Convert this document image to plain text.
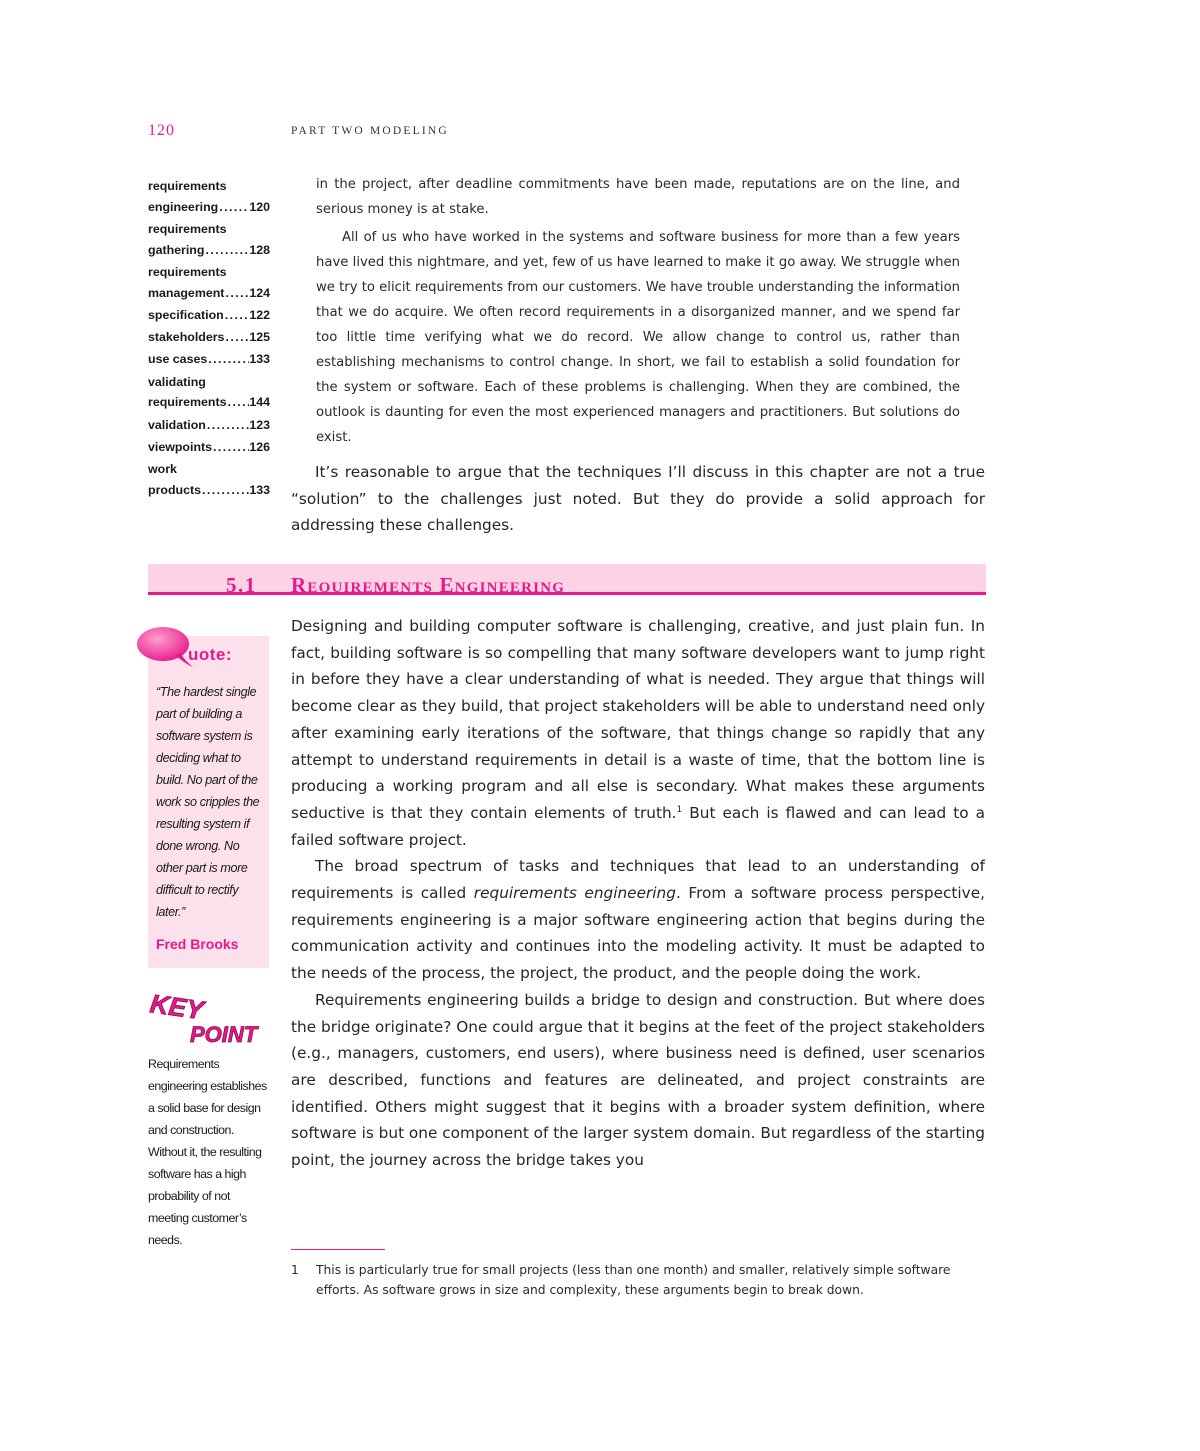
120	PART TWO MODELING
requirements
engineering . . .	120
requirements
gathering . . .	128
requirements
management . . . 124
specification . . . 122
stakeholders . . . 125
use cases . . .	133
validating
requirements . . . 144
validation . . .	123
viewpoints . . .	126
work
products . . .	133

in the project, after deadline commitments have been made, reputations are on the line, and serious money is at stake.

All of us who have worked in the systems and software business for more than a few years have lived this nightmare, and yet, few of us have learned to make it go away. We struggle when we try to elicit requirements from our customers. We have trouble understanding the information that we do acquire. We often record requirements in a disorganized manner, and we spend far too little time verifying what we do record. We allow change to control us, rather than establishing mechanisms to control change. In short, we fail to establish a solid foundation for the system or software. Each of these problems is challenging. When they are combined, the outlook is daunting for even the most experienced managers and practitioners. But solutions do exist.

It’s reasonable to argue that the techniques I’ll discuss in this chapter are not a true “solution” to the challenges just noted. But they do provide a solid approach for addressing these challenges.

5.1 Requirements Engineering

Designing and building computer software is challenging, creative, and just plain fun. In fact, building software is so compelling that many software developers want to jump right in before they have a clear understanding of what is needed. They argue that things will become clear as they build, that project stakeholders will be able to understand need only after examining early iterations of the software, that things change so rapidly that any attempt to understand requirements in detail is a waste of time, that the bottom line is producing a working program and all else is secondary. What makes these arguments seductive is that they contain elements of truth.$^1$ But each is flawed and can lead to a failed software project.

The broad spectrum of tasks and techniques that lead to an understanding of requirements is called requirements engineering. From a software process perspective, requirements engineering is a major software engineering action that begins during the communication activity and continues into the modeling activity. It must be adapted to the needs of the process, the project, the product, and the people doing the work.

Requirements engineering builds a bridge to design and construction. But where does the bridge originate? One could argue that it begins at the feet of the project stakeholders (e.g., managers, customers, end users), where business need is defined, user scenarios are described, functions and features are delineated, and project constraints are identified. Others might suggest that it begins with a broader system definition, where software is but one component of the larger system domain. But regardless of the starting point, the journey across the bridge takes you

uote:
“The hardest single part of building a software system is deciding what to build. No part of the work so cripples the resulting system if done wrong. No other part is more difficult to rectify later.”
Fred Brooks
KEY
POINT
Requirements engineering establishes a solid base for design and construction. Without it, the resulting software has a high probability of not meeting customer’s needs.
1	This is particularly true for small projects (less than one month) and smaller, relatively simple software efforts. As software grows in size and complexity, these arguments begin to break down.
